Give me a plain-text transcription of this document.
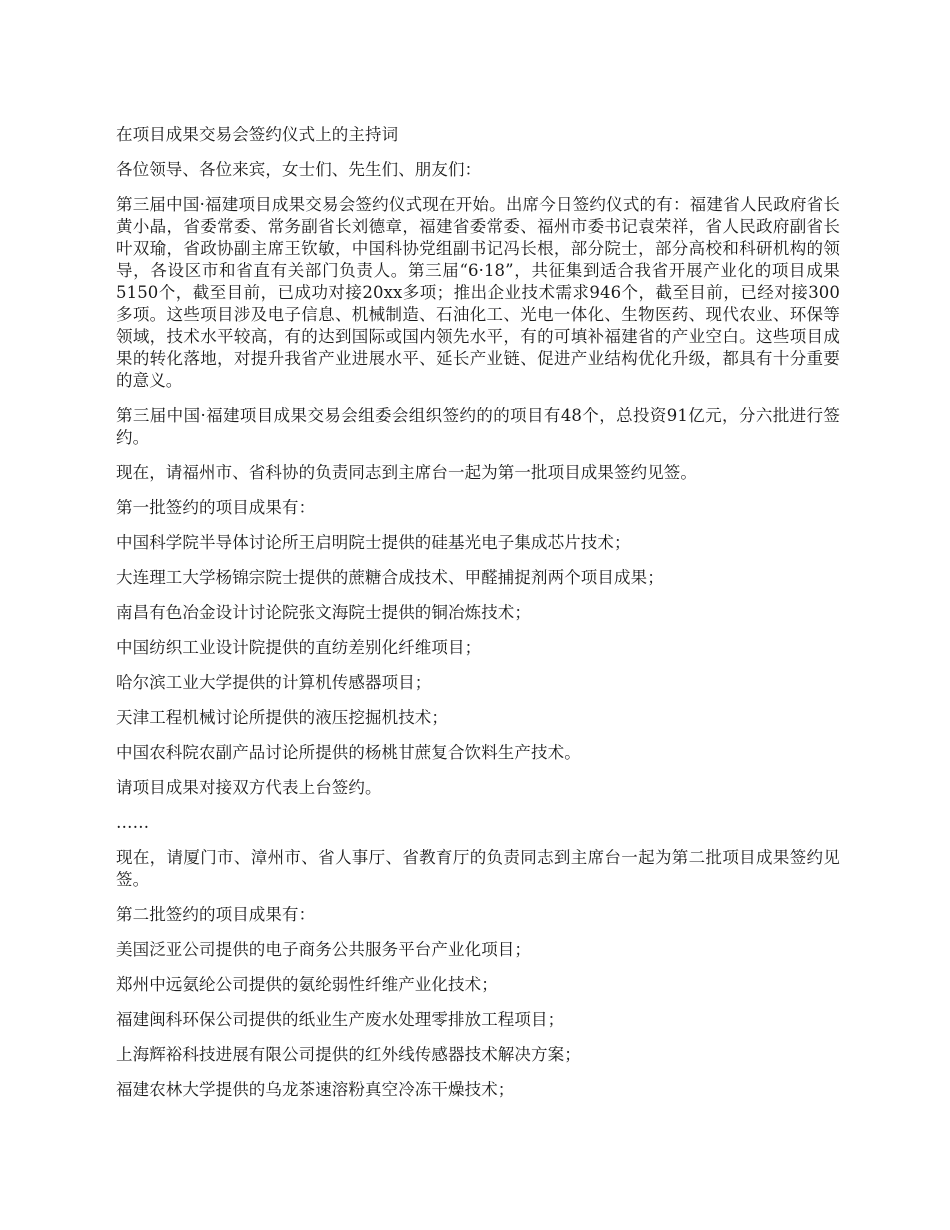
在项目成果交易会签约仪式上的主持词

各位领导、各位来宾，女士们、先生们、朋友们：

第三届中国·福建项目成果交易会签约仪式现在开始。出席今日签约仪式的有：福建省人民政府省长黄小晶，省委常委、常务副省长刘德章，福建省委常委、福州市委书记袁荣祥，省人民政府副省长叶双瑜，省政协副主席王钦敏，中国科协党组副书记冯长根，部分院士，部分高校和科研机构的领导，各设区市和省直有关部门负责人。第三届“6·18”，共征集到适合我省开展产业化的项目成果5150个，截至目前，已成功对接20xx多项；推出企业技术需求946个，截至目前，已经对接300多项。这些项目涉及电子信息、机械制造、石油化工、光电一体化、生物医药、现代农业、环保等领域，技术水平较高，有的达到国际或国内领先水平，有的可填补福建省的产业空白。这些项目成果的转化落地，对提升我省产业进展水平、延长产业链、促进产业结构优化升级，都具有十分重要的意义。

第三届中国·福建项目成果交易会组委会组织签约的的项目有48个，总投资91亿元，分六批进行签约。

现在，请福州市、省科协的负责同志到主席台一起为第一批项目成果签约见签。

第一批签约的项目成果有：

中国科学院半导体讨论所王启明院士提供的硅基光电子集成芯片技术；

大连理工大学杨锦宗院士提供的蔗糖合成技术、甲醛捕捉剂两个项目成果；

南昌有色冶金设计讨论院张文海院士提供的铜冶炼技术；

中国纺织工业设计院提供的直纺差别化纤维项目；

哈尔滨工业大学提供的计算机传感器项目；

天津工程机械讨论所提供的液压挖掘机技术；

中国农科院农副产品讨论所提供的杨桃甘蔗复合饮料生产技术。

请项目成果对接双方代表上台签约。

……

现在，请厦门市、漳州市、省人事厅、省教育厅的负责同志到主席台一起为第二批项目成果签约见签。

第二批签约的项目成果有：

美国泛亚公司提供的电子商务公共服务平台产业化项目；

郑州中远氨纶公司提供的氨纶弱性纤维产业化技术；

福建闽科环保公司提供的纸业生产废水处理零排放工程项目；

上海辉裕科技进展有限公司提供的红外线传感器技术解决方案；

福建农林大学提供的乌龙茶速溶粉真空冷冻干燥技术；
